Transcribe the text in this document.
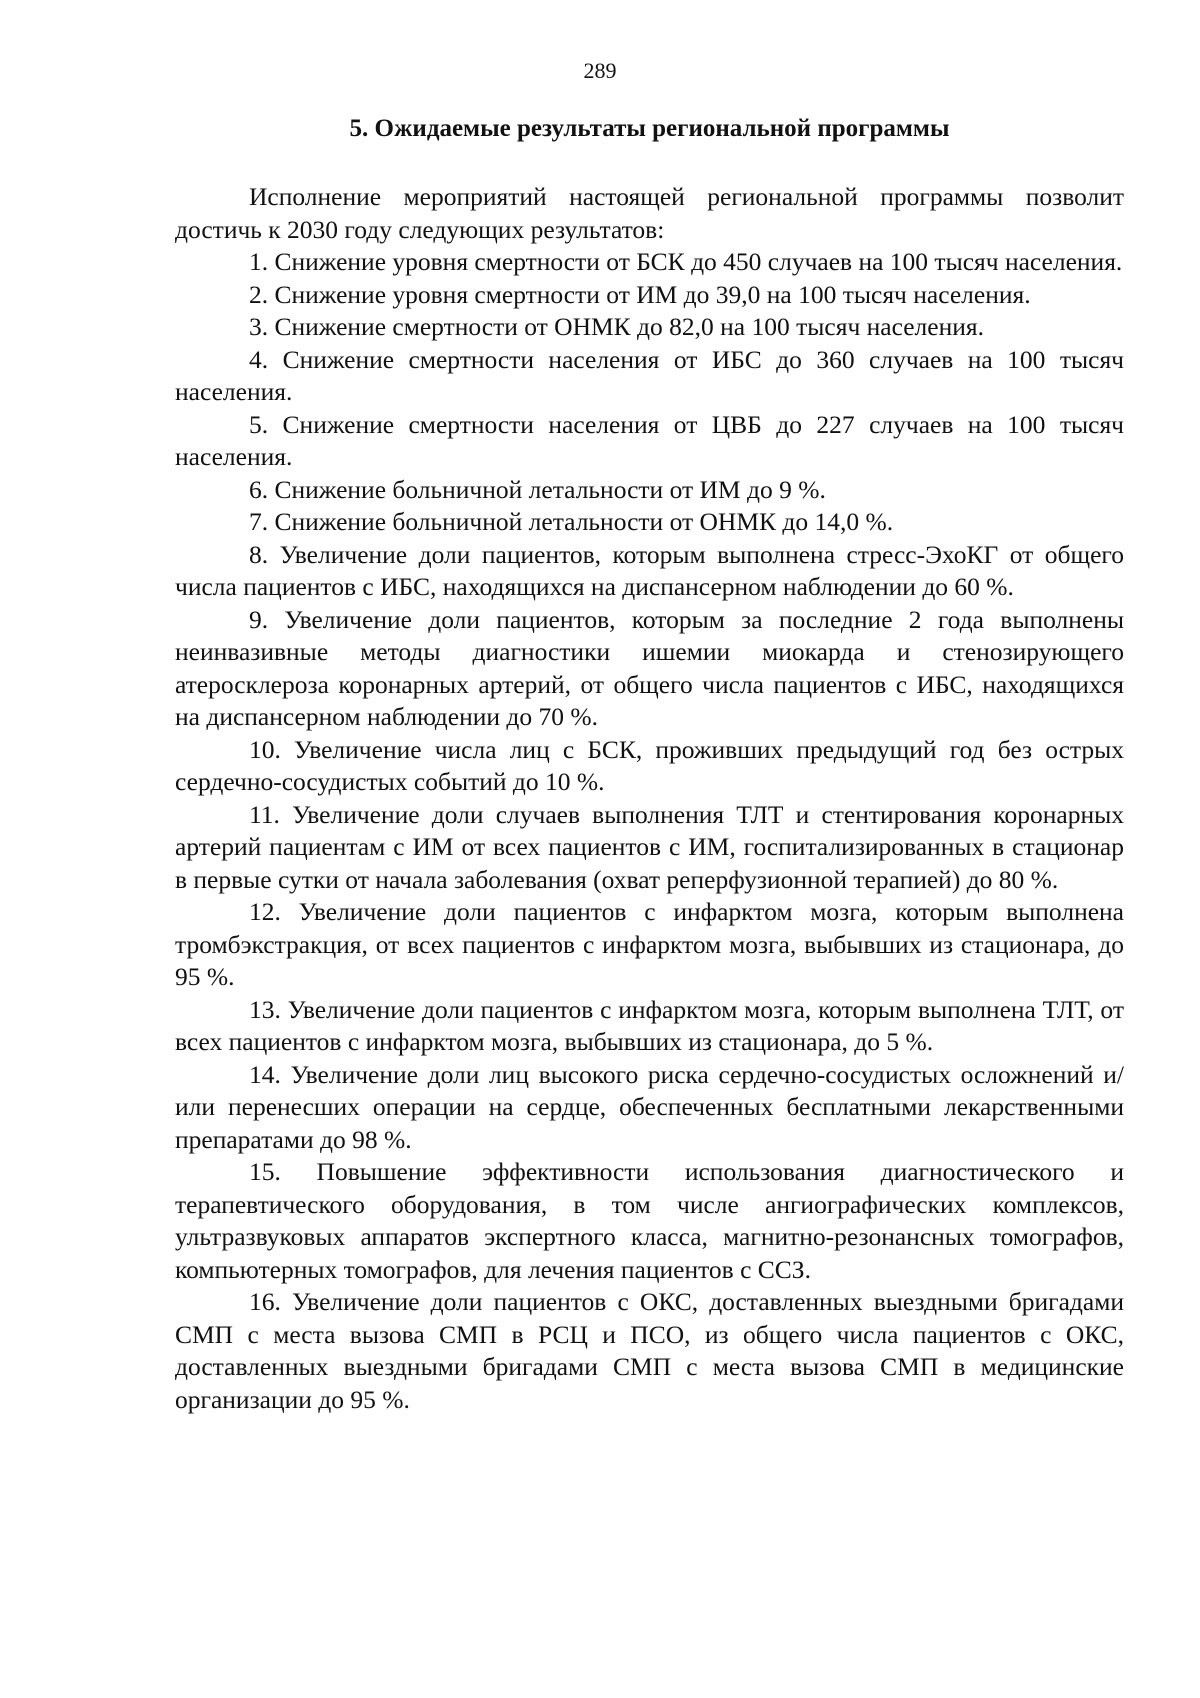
289
5. Ожидаемые результаты региональной программы

Исполнение мероприятий настоящей региональной программы позволит достичь к 2030 году следующих результатов:

1. Снижение уровня смертности от БСК до 450 случаев на 100 тысяч населения.

2. Снижение уровня смертности от ИМ до 39,0 на 100 тысяч населения.

3. Снижение смертности от ОНМК до 82,0 на 100 тысяч населения.

4. Снижение смертности населения от ИБС до 360 случаев на 100 тысяч населения.

5. Снижение смертности населения от ЦВБ до 227 случаев на 100 тысяч населения.

6. Снижение больничной летальности от ИМ до 9 %.

7. Снижение больничной летальности от ОНМК до 14,0 %.

8. Увеличение доли пациентов, которым выполнена стресс-ЭхоКГ от общего числа пациентов с ИБС, находящихся на диспансерном наблюдении до 60 %.

9. Увеличение доли пациентов, которым за последние 2 года выполнены неинвазивные методы диагностики ишемии миокарда и стенозирующего атеросклероза коронарных артерий, от общего числа пациентов с ИБС, находящихся на диспансерном наблюдении до 70 %.

10. Увеличение числа лиц с БСК, проживших предыдущий год без острых сердечно-сосудистых событий до 10 %.

11. Увеличение доли случаев выполнения ТЛТ и стентирования коронарных артерий пациентам с ИМ от всех пациентов с ИМ, госпитализированных в стационар в первые сутки от начала заболевания (охват реперфузионной терапией) до 80 %.

12. Увеличение доли пациентов с инфарктом мозга, которым выполнена тромбэкстракция, от всех пациентов с инфарктом мозга, выбывших из стационара, до 95 %.

13. Увеличение доли пациентов с инфарктом мозга, которым выполнена ТЛТ, от всех пациентов с инфарктом мозга, выбывших из стационара, до 5 %.

14. Увеличение доли лиц высокого риска сердечно-сосудистых осложнений и/или перенесших операции на сердце, обеспеченных бесплатными лекарственными препаратами до 98 %.

15. Повышение эффективности использования диагностического и терапевтического оборудования, в том числе ангиографических комплексов, ультразвуковых аппаратов экспертного класса, магнитно-резонансных томографов, компьютерных томографов, для лечения пациентов с ССЗ.

16. Увеличение доли пациентов с ОКС, доставленных выездными бригадами СМП с места вызова СМП в РСЦ и ПСО, из общего числа пациентов с ОКС, доставленных выездными бригадами СМП с места вызова СМП в медицинские организации до 95 %.
